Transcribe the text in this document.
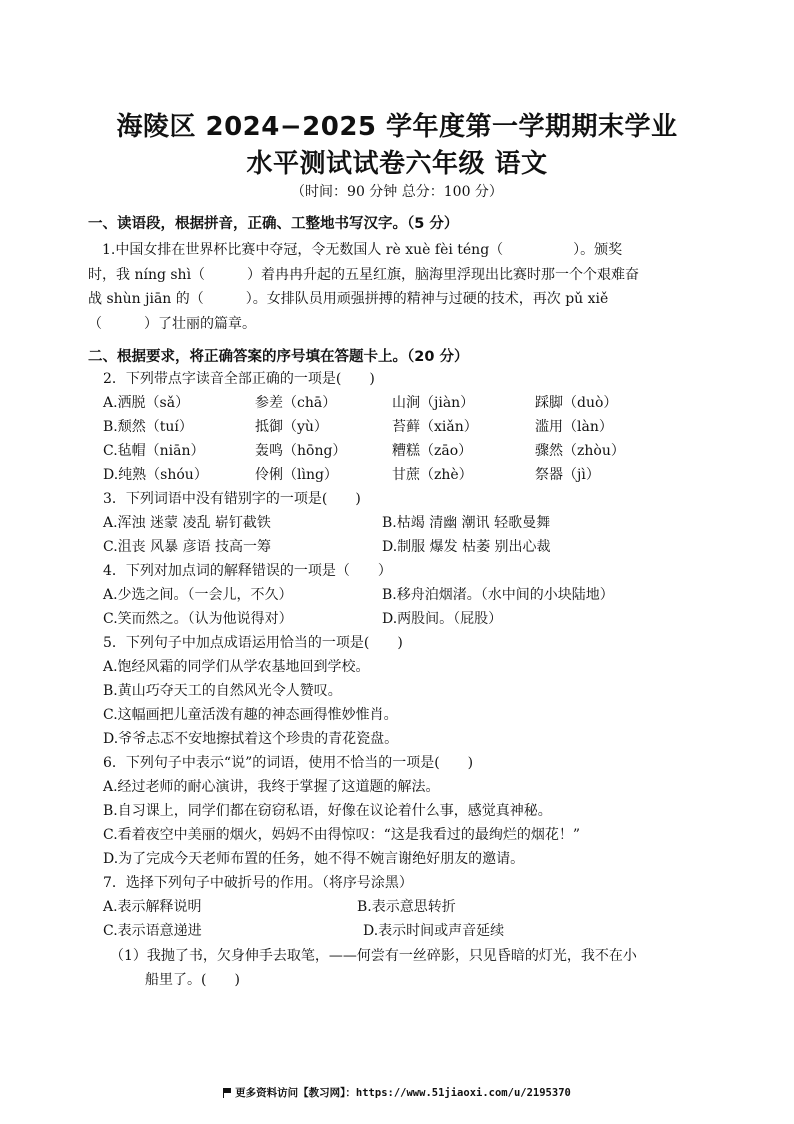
海陵区 2024−2025 学年度第一学期期末学业
水平测试试卷六年级 语文
（时间：90 分钟 总分：100 分）
一、读语段，根据拼音，正确、工整地书写汉字。（5 分）
　1.中国女排在世界杯比赛中夺冠，令无数国人 rè xuè fèi téng（　　　　　）。颁奖
时，我 níng shì（　　　）着冉冉升起的五星红旗，脑海里浮现出比赛时那一个个艰难奋
战 shùn jiān 的（　　　）。女排队员用顽强拼搏的精神与过硬的技术，再次 pǔ xiě
（　　　）了壮丽的篇章。
二、根据要求，将正确答案的序号填在答题卡上。（20 分）
2．下列带点字读音全部正确的一项是(　　)
A.洒脱（sǎ）	参差（chā）	山涧（jiàn）	踩脚（duò）
B.颓然（tuí）	抵御（yù）	苔藓（xiǎn）	滥用（làn）
C.毡帽（niān）	轰鸣（hōng）	糟糕（zāo）	骤然（zhòu）
D.纯熟（shóu）	伶俐（lìng）	甘蔗（zhè）	祭器（jì）
3．下列词语中没有错别字的一项是(　　)
A.浑浊 迷蒙 凌乱 崭钉截铁	B.枯竭 清幽 潮讯 轻歌曼舞
C.沮丧 风暴 彦语 技高一筹	D.制服 爆发 枯萎 别出心裁
4．下列对加点词的解释错误的一项是（　　）
A.少选之间。（一会儿，不久）	B.移舟泊烟渚。（水中间的小块陆地）
C.笑而然之。（认为他说得对）	D.两股间。（屁股）
5．下列句子中加点成语运用恰当的一项是(　　)
A.饱经风霜的同学们从学农基地回到学校。
B.黄山巧夺天工的自然风光令人赞叹。
C.这幅画把儿童活泼有趣的神态画得惟妙惟肖。
D.爷爷忐忑不安地擦拭着这个珍贵的青花瓷盘。
6．下列句子中表示“说”的词语，使用不恰当的一项是(　　)
A.经过老师的耐心演讲，我终于掌握了这道题的解法。
B.自习课上，同学们都在窃窃私语，好像在议论着什么事，感觉真神秘。
C.看着夜空中美丽的烟火，妈妈不由得惊叹：“这是我看过的最绚烂的烟花！”
D.为了完成今天老师布置的任务，她不得不婉言谢绝好朋友的邀请。
7．选择下列句子中破折号的作用。（将序号涂黑）
A.表示解释说明	B.表示意思转折
C.表示语意递进	D.表示时间或声音延续
（1）我抛了书，欠身伸手去取笔，——何尝有一丝碎影，只见昏暗的灯光，我不在小
船里了。(　　)
更多资料访问【教习网】：https://www.51jiaoxi.com/u/2195370
